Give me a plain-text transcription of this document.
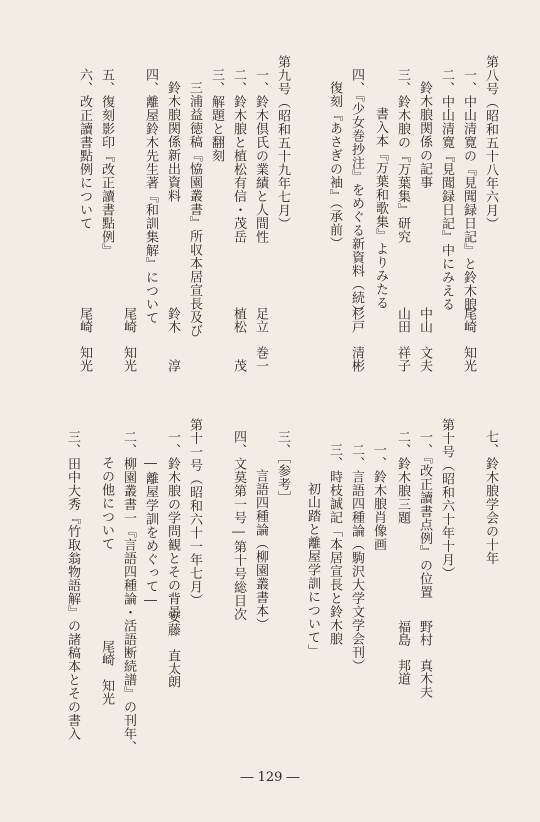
第八号（昭和五十八年六月）
一、中山清寛の『見聞録日記』と鈴木朖
尾崎　知光
二、中山清寛『見聞録日記』中にみえる
鈴木朖関係の記事
中山　文夫
三、鈴木朖の『万葉集』研究
山田　祥子
書入本『万葉和歌集』よりみたる
四、『少女巻抄注』をめぐる新資料（続）
杉戸　清彬
復刻『あさぎの袖』（承前）
第九号（昭和五十九年七月）
一、鈴木倶氏の業績と人間性
足立　巻一
二、鈴木朖と植松有信・茂岳
植松　　茂
三、解題と翻刻
三浦益徳稿『恊園叢書』所収本居宣長及び
鈴木朖関係新出資料
鈴木　　淳
四、離屋鈴木先生著『和訓集解』について
尾崎　知光
五、復刻影印『改正讀書點例』
六、改正讀書點例について
尾崎　知光
七、鈴木朖学会の十年
第十号（昭和六十年十月）
一、『改正讀書点例』の位置
野村　真木夫
二、鈴木朖三題
福島　邦道
一、鈴木朖肖像画
二、言語四種論（駒沢大学文学会刊）
三、時枝誠記「本居宣長と鈴木朖
初山踏と離屋学訓について」
三、［参考］
言語四種論（柳園叢書本）
四、文莫第一号―第十号総目次
第十一号（昭和六十一年七月）
一、鈴木朖の学問観とその背景
安藤　直太朗
―離屋学訓をめぐって―
二、柳園叢書一『言語四種論・活語断続譜』の刊年、
その他について
尾崎　知光
三、田中大秀『竹取翁物語解』の諸稿本とその書入
― 129 ―
